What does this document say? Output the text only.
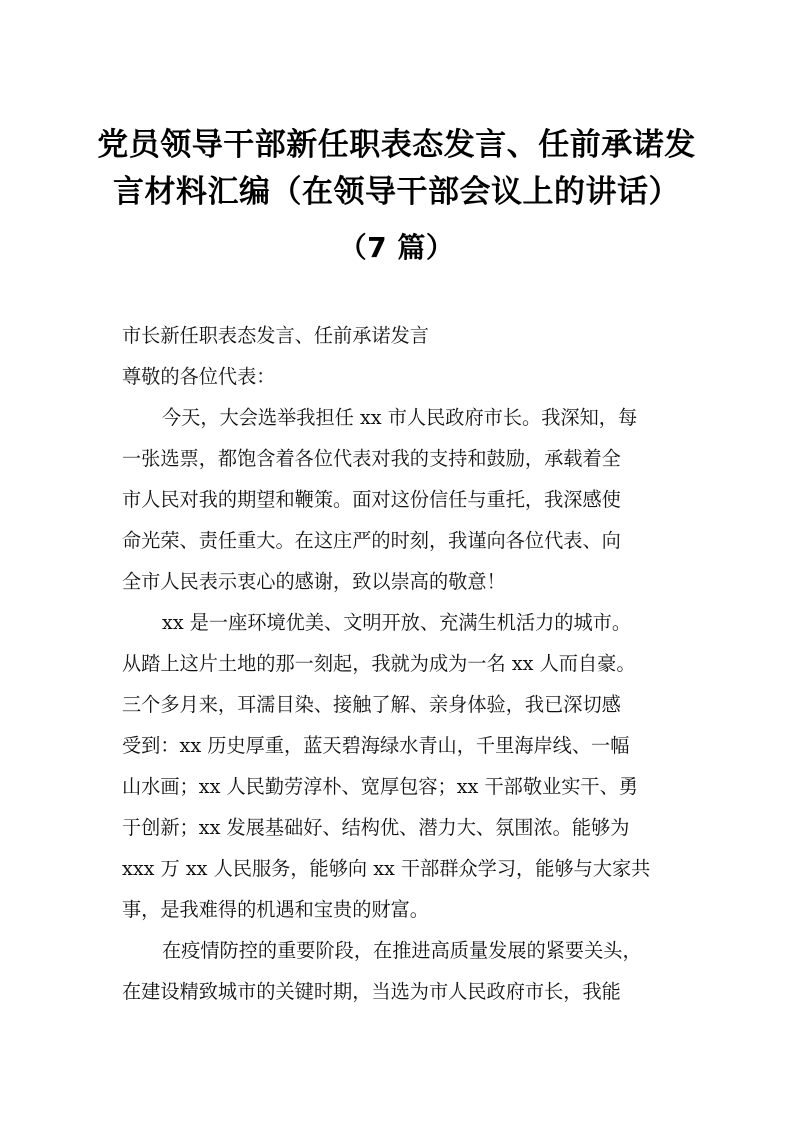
党员领导干部新任职表态发言、任前承诺发
言材料汇编（在领导干部会议上的讲话）
（7 篇）
市长新任职表态发言、任前承诺发言
尊敬的各位代表：
今天，大会选举我担任 xx 市人民政府市长。我深知，每
一张选票，都饱含着各位代表对我的支持和鼓励，承载着全
市人民对我的期望和鞭策。面对这份信任与重托，我深感使
命光荣、责任重大。在这庄严的时刻，我谨向各位代表、向
全市人民表示衷心的感谢，致以崇高的敬意！
xx 是一座环境优美、文明开放、充满生机活力的城市。
从踏上这片土地的那一刻起，我就为成为一名 xx 人而自豪。
三个多月来，耳濡目染、接触了解、亲身体验，我已深切感
受到：xx 历史厚重，蓝天碧海绿水青山，千里海岸线、一幅
山水画；xx 人民勤劳淳朴、宽厚包容；xx 干部敬业实干、勇
于创新；xx 发展基础好、结构优、潜力大、氛围浓。能够为
xxx 万 xx 人民服务，能够向 xx 干部群众学习，能够与大家共
事，是我难得的机遇和宝贵的财富。
在疫情防控的重要阶段，在推进高质量发展的紧要关头，
在建设精致城市的关键时期，当选为市人民政府市长，我能
